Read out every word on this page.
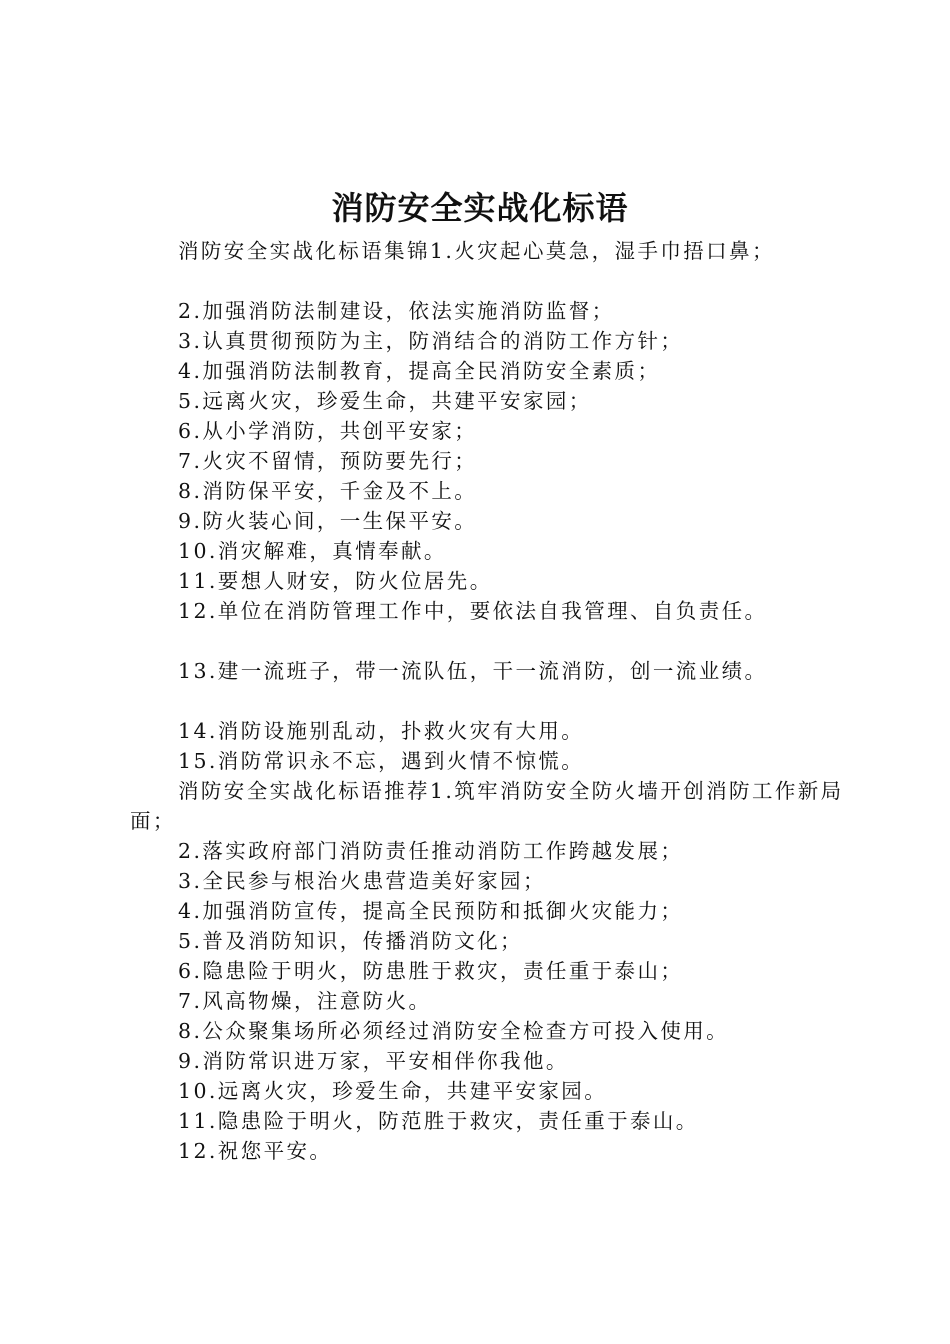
消防安全实战化标语

消防安全实战化标语集锦1.火灾起心莫急，湿手巾捂口鼻；

2.加强消防法制建设，依法实施消防监督；

3.认真贯彻预防为主，防消结合的消防工作方针；

4.加强消防法制教育，提高全民消防安全素质；

5.远离火灾，珍爱生命，共建平安家园；

6.从小学消防，共创平安家；

7.火灾不留情，预防要先行；

8.消防保平安，千金及不上。

9.防火装心间，一生保平安。

10.消灾解难，真情奉献。

11.要想人财安，防火位居先。

12.单位在消防管理工作中，要依法自我管理、自负责任。

13.建一流班子，带一流队伍，干一流消防，创一流业绩。

14.消防设施别乱动，扑救火灾有大用。

15.消防常识永不忘，遇到火情不惊慌。

消防安全实战化标语推荐1.筑牢消防安全防火墙开创消防工作新局面；

2.落实政府部门消防责任推动消防工作跨越发展；

3.全民参与根治火患营造美好家园；

4.加强消防宣传，提高全民预防和抵御火灾能力；

5.普及消防知识，传播消防文化；

6.隐患险于明火，防患胜于救灾，责任重于泰山；

7.风高物燥，注意防火。

8.公众聚集场所必须经过消防安全检查方可投入使用。

9.消防常识进万家，平安相伴你我他。

10.远离火灾，珍爱生命，共建平安家园。

11.隐患险于明火，防范胜于救灾，责任重于泰山。

12.祝您平安。
